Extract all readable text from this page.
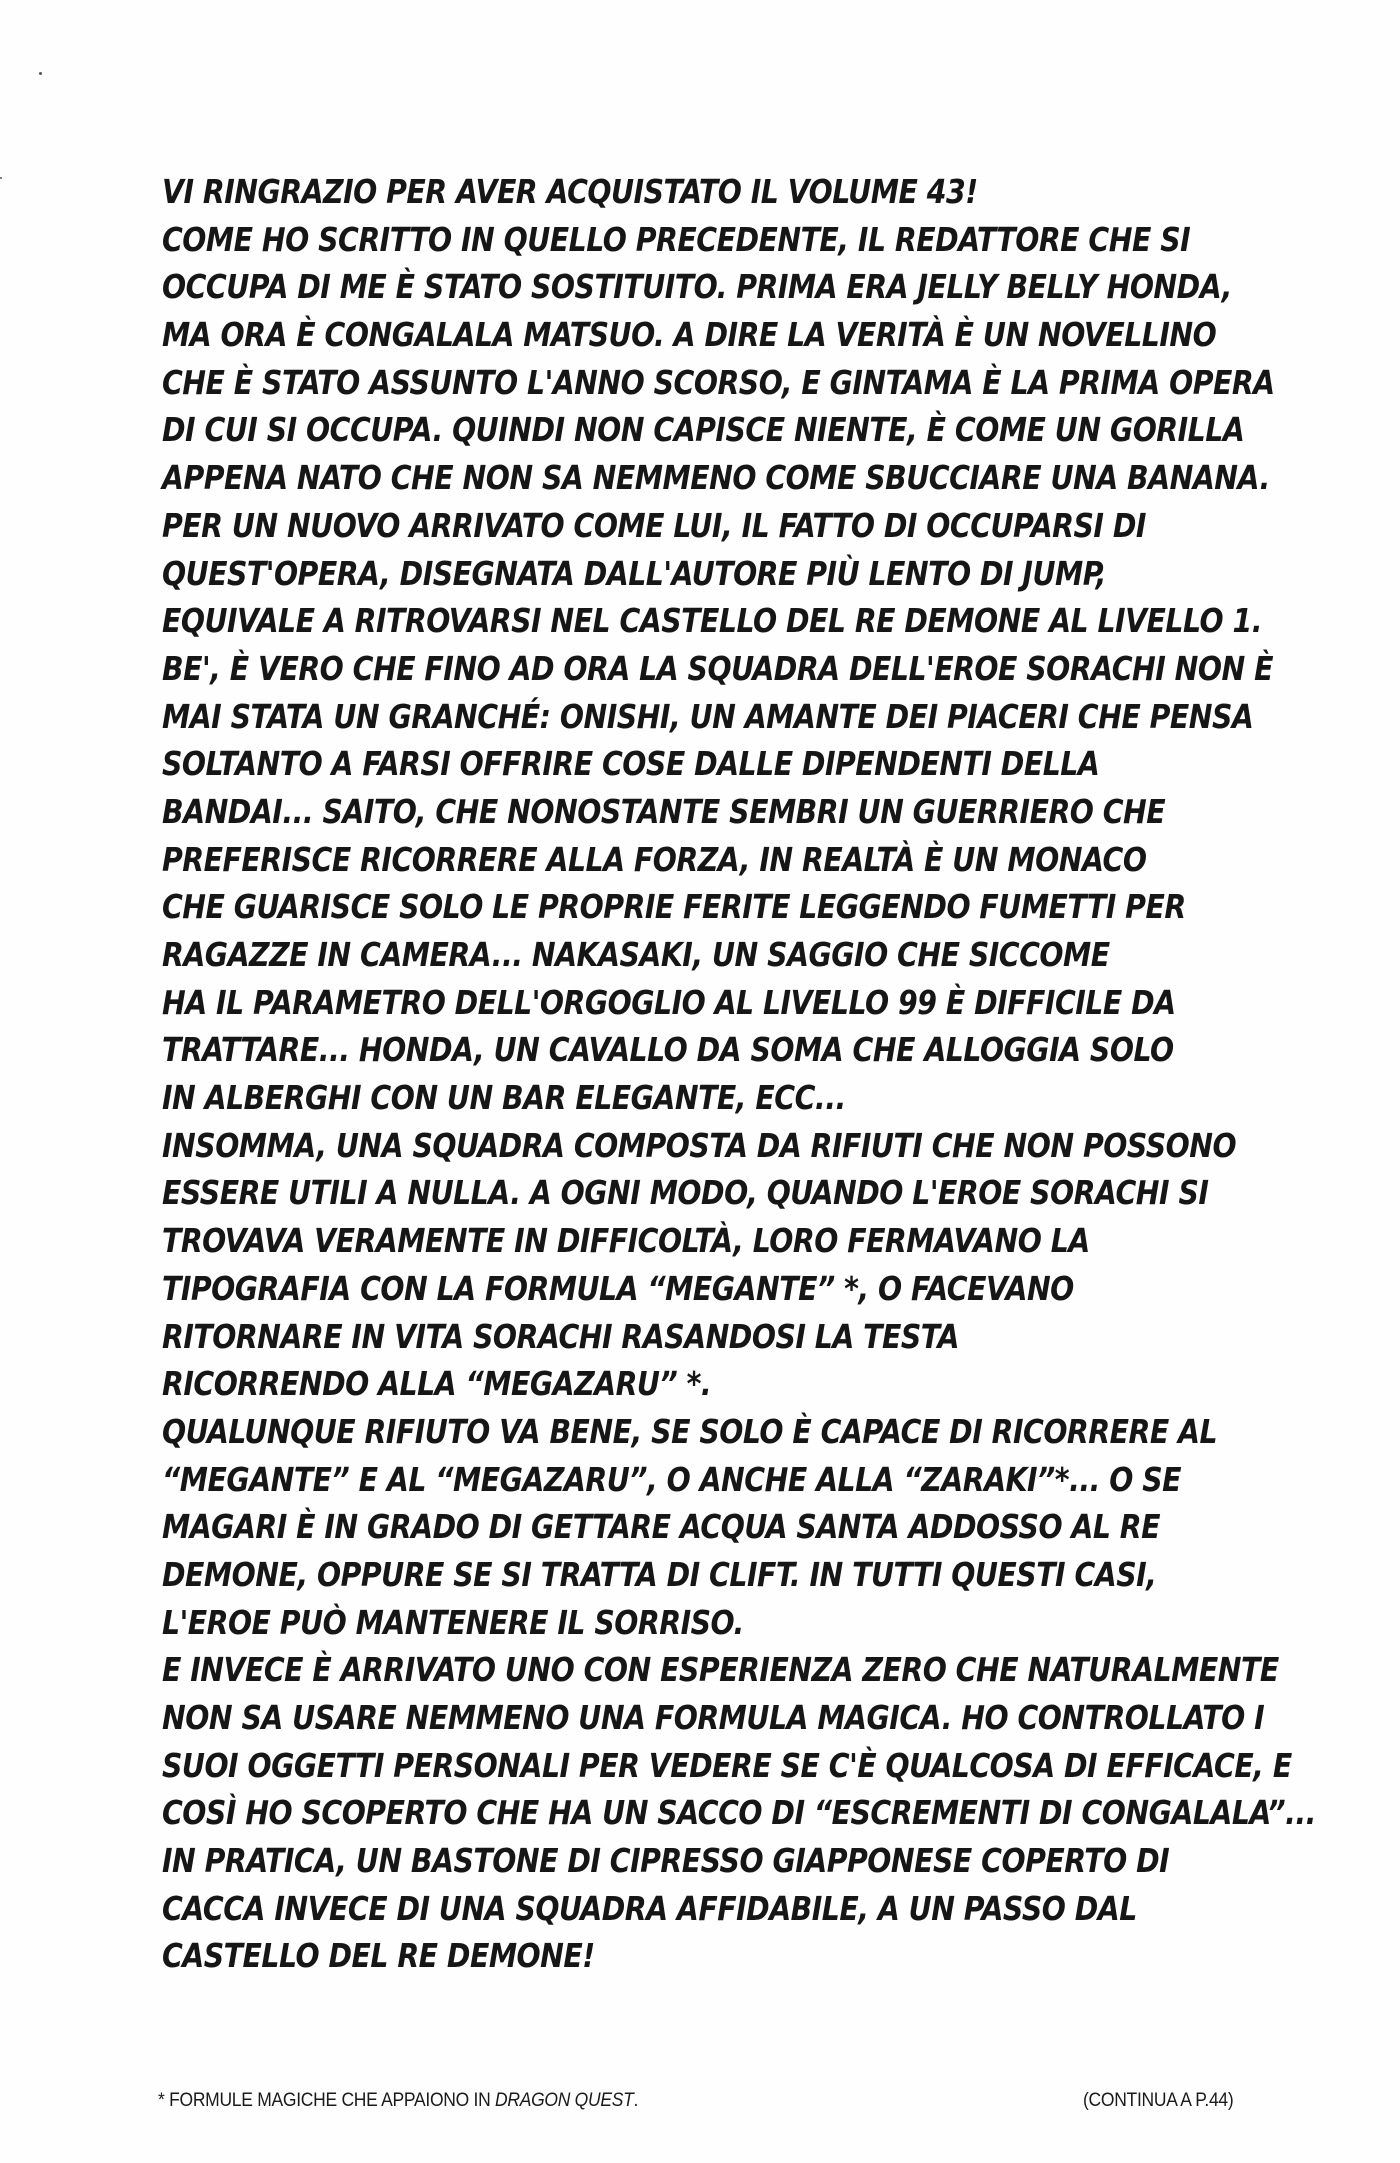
VI RINGRAZIO PER AVER ACQUISTATO IL VOLUME 43!
COME HO SCRITTO IN QUELLO PRECEDENTE, IL REDATTORE CHE SI
OCCUPA DI ME È STATO SOSTITUITO. PRIMA ERA JELLY BELLY HONDA,
MA ORA È CONGALALA MATSUO. A DIRE LA VERITÀ È UN NOVELLINO
CHE È STATO ASSUNTO L'ANNO SCORSO, E GINTAMA È LA PRIMA OPERA
DI CUI SI OCCUPA. QUINDI NON CAPISCE NIENTE, È COME UN GORILLA
APPENA NATO CHE NON SA NEMMENO COME SBUCCIARE UNA BANANA.
PER UN NUOVO ARRIVATO COME LUI, IL FATTO DI OCCUPARSI DI
QUEST'OPERA, DISEGNATA DALL'AUTORE PIÙ LENTO DI JUMP,
EQUIVALE A RITROVARSI NEL CASTELLO DEL RE DEMONE AL LIVELLO 1.
BE', È VERO CHE FINO AD ORA LA SQUADRA DELL'EROE SORACHI NON È
MAI STATA UN GRANCHÉ: ONISHI, UN AMANTE DEI PIACERI CHE PENSA
SOLTANTO A FARSI OFFRIRE COSE DALLE DIPENDENTI DELLA
BANDAI... SAITO, CHE NONOSTANTE SEMBRI UN GUERRIERO CHE
PREFERISCE RICORRERE ALLA FORZA, IN REALTÀ È UN MONACO
CHE GUARISCE SOLO LE PROPRIE FERITE LEGGENDO FUMETTI PER
RAGAZZE IN CAMERA... NAKASAKI, UN SAGGIO CHE SICCOME
HA IL PARAMETRO DELL'ORGOGLIO AL LIVELLO 99 È DIFFICILE DA
TRATTARE... HONDA, UN CAVALLO DA SOMA CHE ALLOGGIA SOLO
IN ALBERGHI CON UN BAR ELEGANTE, ECC...
INSOMMA, UNA SQUADRA COMPOSTA DA RIFIUTI CHE NON POSSONO
ESSERE UTILI A NULLA. A OGNI MODO, QUANDO L'EROE SORACHI SI
TROVAVA VERAMENTE IN DIFFICOLTÀ, LORO FERMAVANO LA
TIPOGRAFIA CON LA FORMULA “MEGANTE” *, O FACEVANO
RITORNARE IN VITA SORACHI RASANDOSI LA TESTA
RICORRENDO ALLA “MEGAZARU” *.
QUALUNQUE RIFIUTO VA BENE, SE SOLO È CAPACE DI RICORRERE AL
“MEGANTE” E AL “MEGAZARU”, O ANCHE ALLA “ZARAKI”*... O SE
MAGARI È IN GRADO DI GETTARE ACQUA SANTA ADDOSSO AL RE
DEMONE, OPPURE SE SI TRATTA DI CLIFT. IN TUTTI QUESTI CASI,
L'EROE PUÒ MANTENERE IL SORRISO.
E INVECE È ARRIVATO UNO CON ESPERIENZA ZERO CHE NATURALMENTE
NON SA USARE NEMMENO UNA FORMULA MAGICA. HO CONTROLLATO I
SUOI OGGETTI PERSONALI PER VEDERE SE C'È QUALCOSA DI EFFICACE, E
COSÌ HO SCOPERTO CHE HA UN SACCO DI “ESCREMENTI DI CONGALALA”...
IN PRATICA, UN BASTONE DI CIPRESSO GIAPPONESE COPERTO DI
CACCA INVECE DI UNA SQUADRA AFFIDABILE, A UN PASSO DAL
CASTELLO DEL RE DEMONE!
* FORMULE MAGICHE CHE APPAIONO IN DRAGON QUEST.	(CONTINUA A P.44)
